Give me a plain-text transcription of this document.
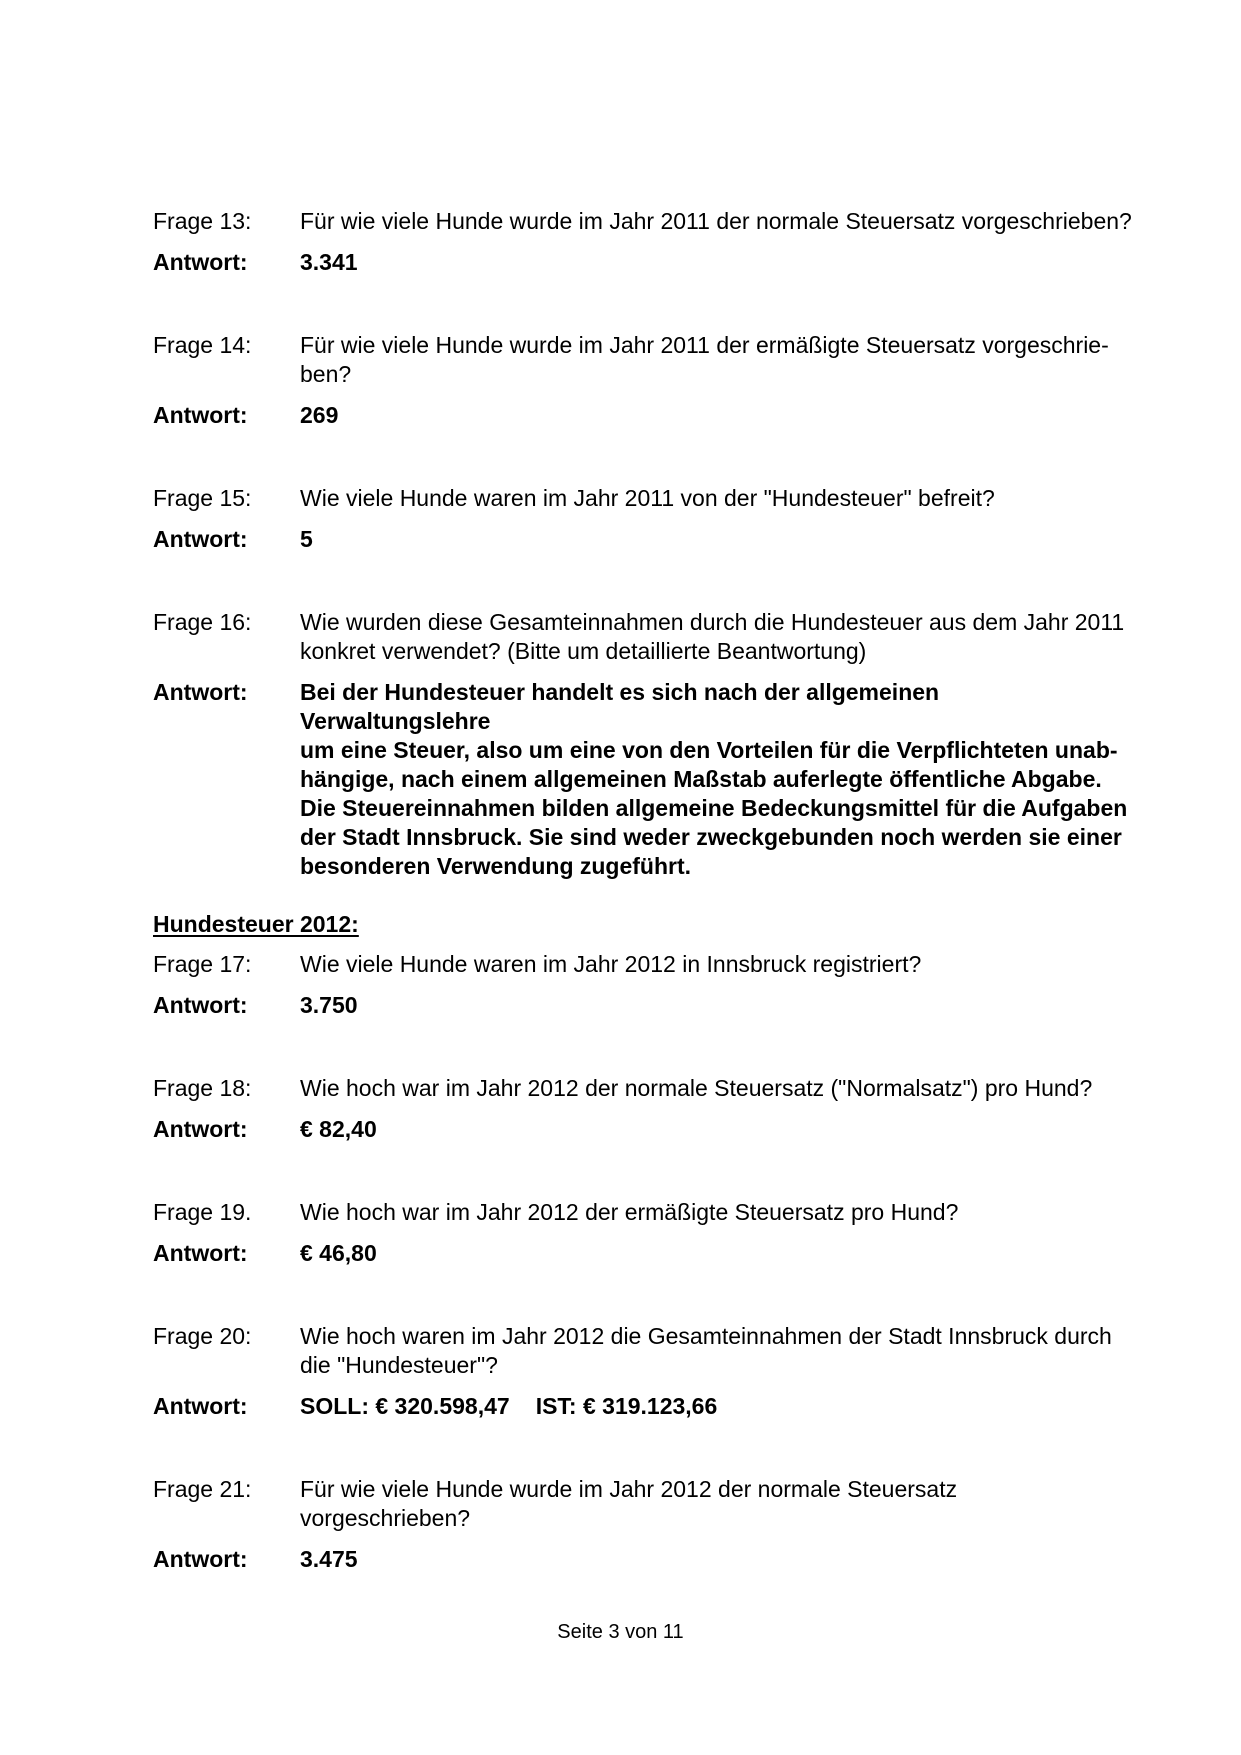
Frage 13:	Für wie viele Hunde wurde im Jahr 2011 der normale Steuersatz vorgeschrieben?
Antwort:	3.341
Frage 14:	Für wie viele Hunde wurde im Jahr 2011 der ermäßigte Steuersatz vorgeschrie-
ben?
Antwort:	269
Frage 15:	Wie viele Hunde waren im Jahr 2011 von der "Hundesteuer" befreit?
Antwort:	5
Frage 16:	Wie wurden diese Gesamteinnahmen durch die Hundesteuer aus dem Jahr 2011
konkret verwendet? (Bitte um detaillierte Beantwortung)
Antwort:	Bei der Hundesteuer handelt es sich nach der allgemeinen Verwaltungslehre
um eine Steuer, also um eine von den Vorteilen für die Verpflichteten unab-
hängige, nach einem allgemeinen Maßstab auferlegte öffentliche Abgabe.
Die Steuereinnahmen bilden allgemeine Bedeckungsmittel für die Aufgaben
der Stadt Innsbruck. Sie sind weder zweckgebunden noch werden sie einer
besonderen Verwendung zugeführt.
Hundesteuer 2012:
Frage 17:	Wie viele Hunde waren im Jahr 2012 in Innsbruck registriert?
Antwort:	3.750
Frage 18:	Wie hoch war im Jahr 2012 der normale Steuersatz ("Normalsatz") pro Hund?
Antwort:	€ 82,40
Frage 19.	Wie hoch war im Jahr 2012 der ermäßigte Steuersatz pro Hund?
Antwort:	€ 46,80
Frage 20:	Wie hoch waren im Jahr 2012 die Gesamteinnahmen der Stadt Innsbruck durch
die "Hundesteuer"?
Antwort:	SOLL: € 320.598,47 IST: € 319.123,66
Frage 21:	Für wie viele Hunde wurde im Jahr 2012 der normale Steuersatz vorgeschrieben?
Antwort:	3.475
Seite 3 von 11
